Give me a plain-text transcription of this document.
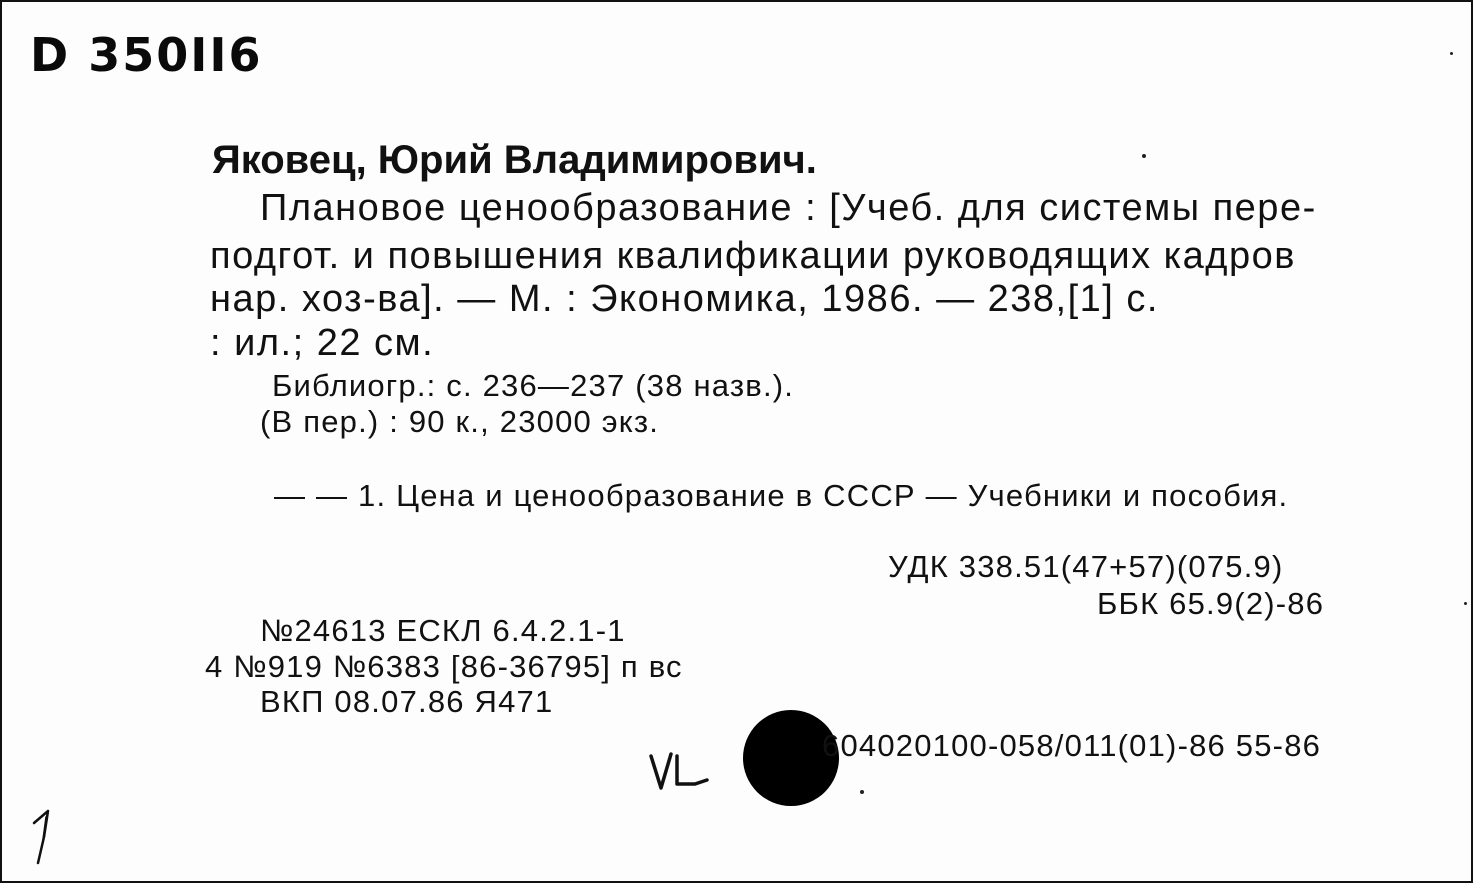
D 350II6
Яковец, Юрий Владимирович.
Плановое ценообразование : [Учеб. для системы пере-
подгот. и повышения квалификации руководящих кадров
нар. хоз-ва]. — М. : Экономика, 1986. — 238,[1] с.
: ил.; 22 см.
Библиогр.: с. 236—237 (38 назв.).
(В пер.) : 90 к., 23000 экз.
— — 1. Цена и ценообразование в СССР — Учебники и пособия.
УДК 338.51(47+57)(075.9)
ББК 65.9(2)-86
№24613 ЕСКЛ 6.4.2.1-1
4 №919 №6383 [86-36795] п вс
ВКП 08.07.86 Я471
604020100-058/011(01)-86 55-86
